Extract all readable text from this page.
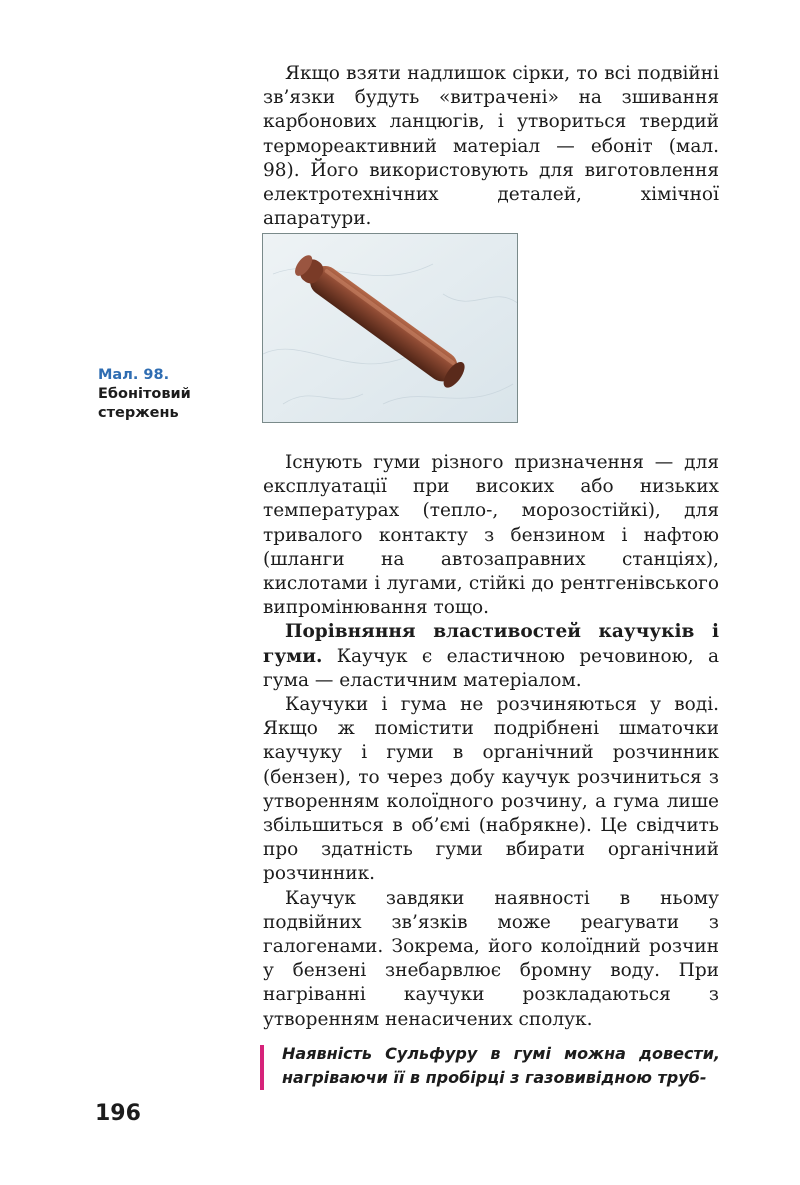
Якщо взяти надлишок сірки, то всі подвійні зв’язки будуть «витрачені» на зшивання карбонових ланцюгів, і утвориться твердий термореактивний матеріал — ебоніт (мал. 98). Його використовують для виготовлення електротехнічних деталей, хімічної апаратури.

Мал. 98.
Ебонітовий стержень

Існують гуми різного призначення — для експлуатації при високих або низьких температурах (тепло-, морозостійкі), для тривалого контакту з бензином і нафтою (шланги на автозаправних станціях), кислотами і лугами, стійкі до рентгенівського випромінювання тощо.

Порівняння властивостей каучуків і гуми. Каучук є еластичною речовиною, а гума — еластичним матеріалом.

Каучуки і гума не розчиняються у воді. Якщо ж помістити подрібнені шматочки каучуку і гуми в органічний розчинник (бензен), то через добу каучук розчиниться з утворенням колоїдного розчину, а гума лише збільшиться в об’ємі (набрякне). Це свідчить про здатність гуми вбирати органічний розчинник.

Каучук завдяки наявності в ньому подвійних зв’язків може реагувати з галогенами. Зокрема, його колоїдний розчин у бензені знебарвлює бромну воду. При нагріванні каучуки розкладаються з утворенням ненасичених сполук.

Наявність Сульфуру в гумі можна довести, нагріваючи її в пробірці з газовивідною труб-
196
